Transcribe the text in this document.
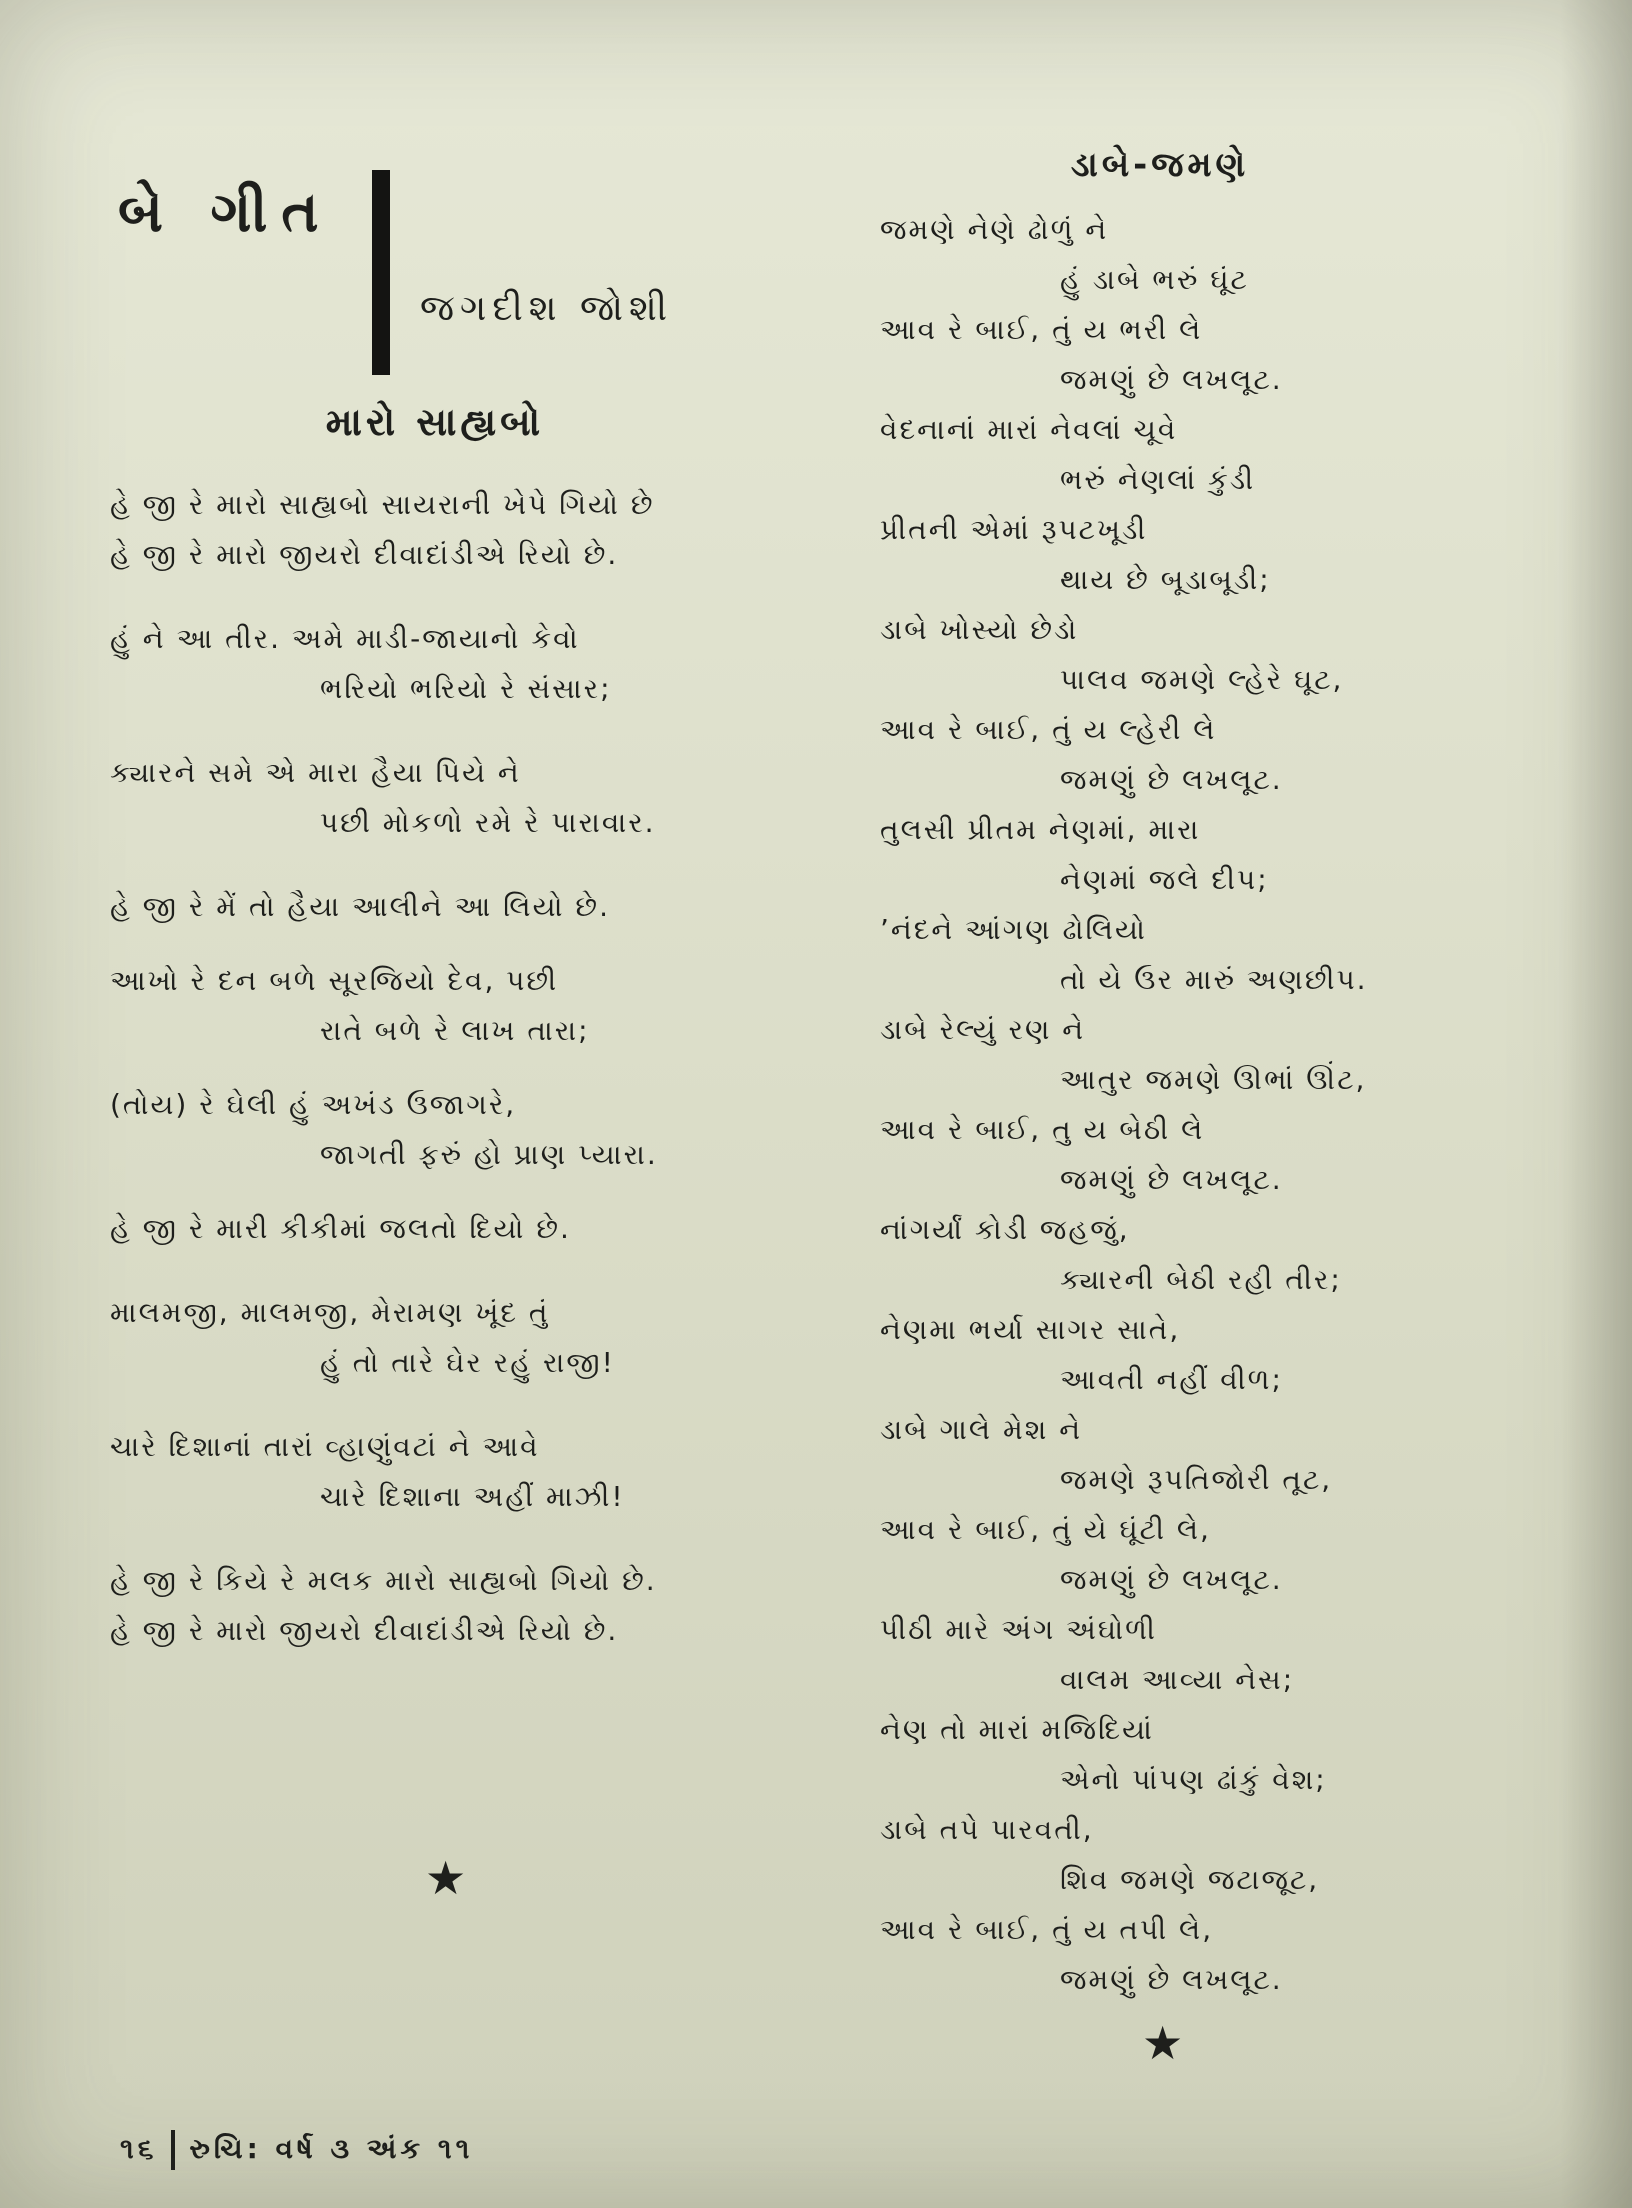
બે ગીત
જગદીશ જોશી
મારો સાહ્યબો
હે જી રે મારો સાહ્યબો સાયરાની ખેપે ગિયો છે
હે જી રે મારો જીયરો દીવાદાંડીએ રિયો છે.
હું ને આ તીર. અમે માડી-જાયાનો કેવો
ભરિયો ભરિયો રે સંસાર;
ક્યારને સમે એ મારા હૈયા પિયે ને
પછી મોકળો રમે રે પારાવાર.
હે જી રે મેં તો હૈયા આલીને આ લિયો છે.
આખો રે દન બળે સૂરજિયો દેવ, પછી
રાતે બળે રે લાખ તારા;
(તોય) રે ઘેલી હું અખંડ ઉજાગરે,
જાગતી ફરું હો પ્રાણ પ્યારા.
હે જી રે મારી કીકીમાં જલતો દિયો છે.
માલમજી, માલમજી, મેરામણ ખૂંદ તું
હું તો તારે ઘેર રહું રાજી!
ચારે દિશાનાં તારાં વ્હાણુંવટાં ને આવે
ચારે દિશાના અહીં માઝી!
હે જી રે કિયે રે મલક મારો સાહ્યબો ગિયો છે.
હે જી રે મારો જીયરો દીવાદાંડીએ રિયો છે.
★
ડાબે-જમણે
જમણે નેણે ઢોળું ને
હું ડાબે ભરું ઘૂંટ
આવ રે બાઈ, તું ય ભરી લે
જમણું છે લખલૂટ.
વેદનાનાં મારાં નેવલાં ચૂવે
ભરું નેણલાં કુંડી
પ્રીતની એમાં રૂપટખૂડી
થાય છે બૂડાબૂડી;
ડાબે ખોસ્યો છેડો
પાલવ જમણે લ્હેરે ઘૂટ,
આવ રે બાઈ, તું ય લ્હેરી લે
જમણું છે લખલૂટ.
તુલસી પ્રીતમ નેણમાં, મારા
નેણમાં જલે દીપ;
’નંદને આંગણ ઢોલિયો
તો યે ઉર મારું અણછીપ.
ડાબે રેલ્યું રણ ને
આતુર જમણે ઊભાં ઊંટ,
આવ રે બાઈ, તુ ય બેઠી લે
જમણું છે લખલૂટ.
નાંગર્યાં કોડી જહજું,
ક્યારની બેઠી રહી તીર;
નેણમા ભર્યા સાગર સાતે,
આવતી નહીં વીળ;
ડાબે ગાલે મેશ ને
જમણે રૂપતિજોરી તૂટ,
આવ રે બાઈ, તું યે ઘૂંટી લે,
જમણું છે લખલૂટ.
પીઠી મારે અંગ અંઘોળી
વાલમ આવ્યા નેસ;
નેણ તો મારાં મજિદિયાં
એનો પાંપણ ઢાંકું વેશ;
ડાબે તપે પારવતી,
શિવ જમણે જટાજૂટ,
આવ રે બાઈ, તું ય તપી લે,
જમણું છે લખલૂટ.
★
૧૬ રુચિ: વર્ષ ૩ અંક ૧૧
